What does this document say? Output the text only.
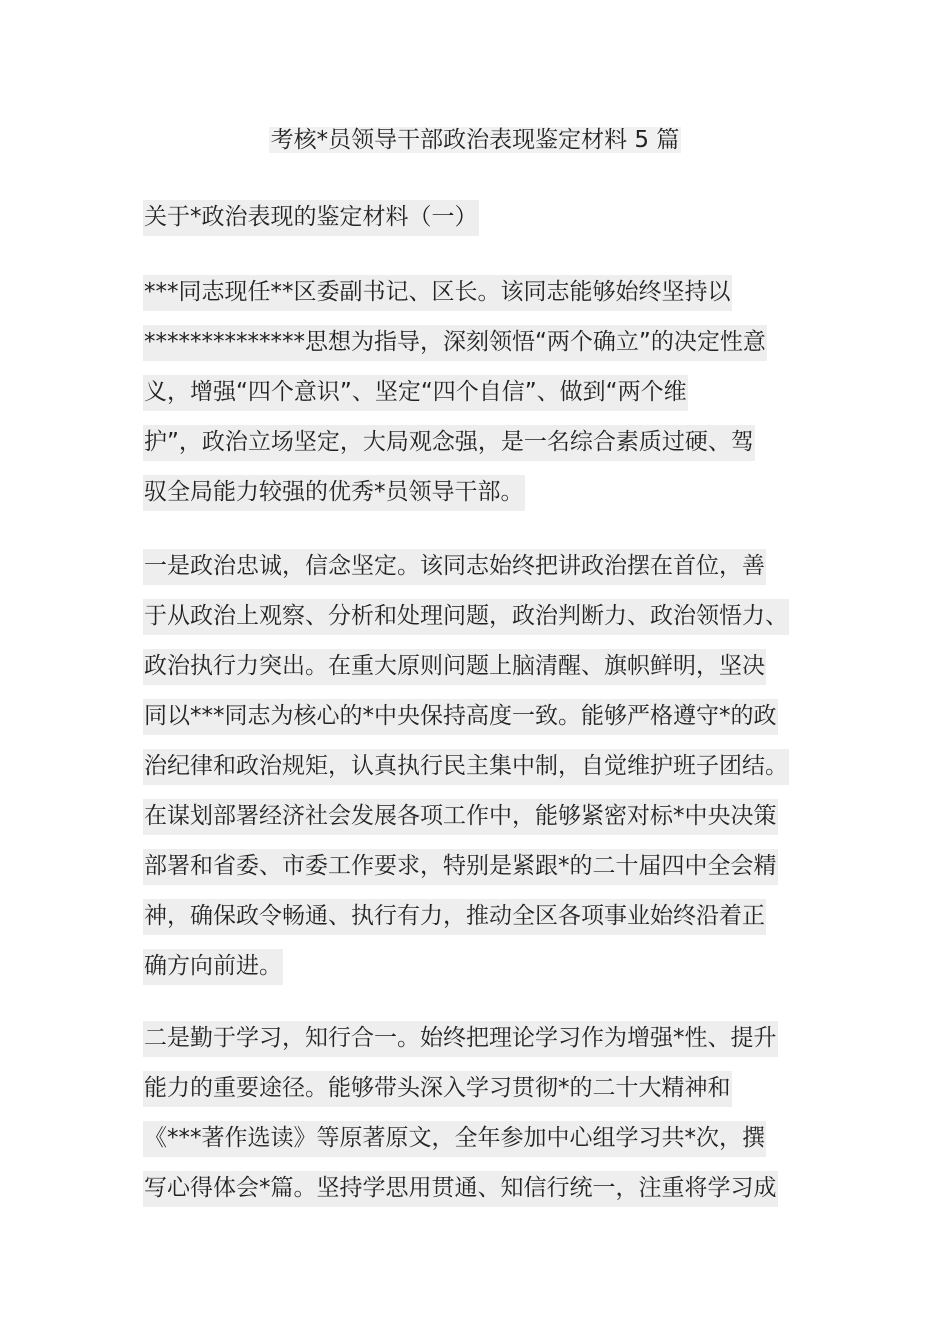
考核*员领导干部政治表现鉴定材料 5 篇
关于*政治表现的鉴定材料（一）
***同志现任**区委副书记、区长。该同志能够始终坚持以
**************思想为指导，深刻领悟“两个确立”的决定性意
义，增强“四个意识”、坚定“四个自信”、做到“两个维
护”，政治立场坚定，大局观念强，是一名综合素质过硬、驾
驭全局能力较强的优秀*员领导干部。
一是政治忠诚，信念坚定。该同志始终把讲政治摆在首位，善
于从政治上观察、分析和处理问题，政治判断力、政治领悟力、
政治执行力突出。在重大原则问题上脑清醒、旗帜鲜明，坚决
同以***同志为核心的*中央保持高度一致。能够严格遵守*的政
治纪律和政治规矩，认真执行民主集中制，自觉维护班子团结。
在谋划部署经济社会发展各项工作中，能够紧密对标*中央决策
部署和省委、市委工作要求，特别是紧跟*的二十届四中全会精
神，确保政令畅通、执行有力，推动全区各项事业始终沿着正
确方向前进。
二是勤于学习，知行合一。始终把理论学习作为增强*性、提升
能力的重要途径。能够带头深入学习贯彻*的二十大精神和
《***著作选读》等原著原文，全年参加中心组学习共*次，撰
写心得体会*篇。坚持学思用贯通、知信行统一，注重将学习成
